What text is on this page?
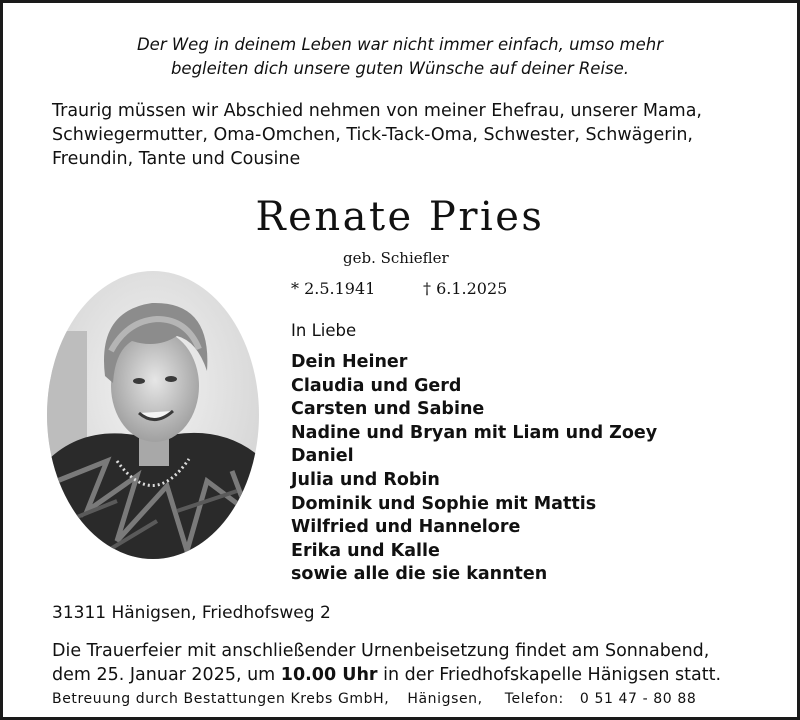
Der Weg in deinem Leben war nicht immer einfach, umso mehr
begleiten dich unsere guten Wünsche auf deiner Reise.
Traurig müssen wir Abschied nehmen von meiner Ehefrau, unserer Mama,
Schwiegermutter, Oma-Omchen, Tick-Tack-Oma, Schwester, Schwägerin,
Freundin, Tante und Cousine
Renate Pries
geb. Schiefler
* 2.5.1941	† 6.1.2025
In Liebe
Dein Heiner
Claudia und Gerd
Carsten und Sabine
Nadine und Bryan mit Liam und Zoey
Daniel
Julia und Robin
Dominik und Sophie mit Mattis
Wilfried und Hannelore
Erika und Kalle
sowie alle die sie kannten
31311 Hänigsen, Friedhofsweg 2
Die Trauerfeier mit anschließender Urnenbeisetzung findet am Sonnabend,
dem 25. Januar 2025, um 10.00 Uhr in der Friedhofskapelle Hänigsen statt.
Betreuung durch Bestattungen Krebs GmbH, Hänigsen, Telefon: 0 51 47 - 80 88
